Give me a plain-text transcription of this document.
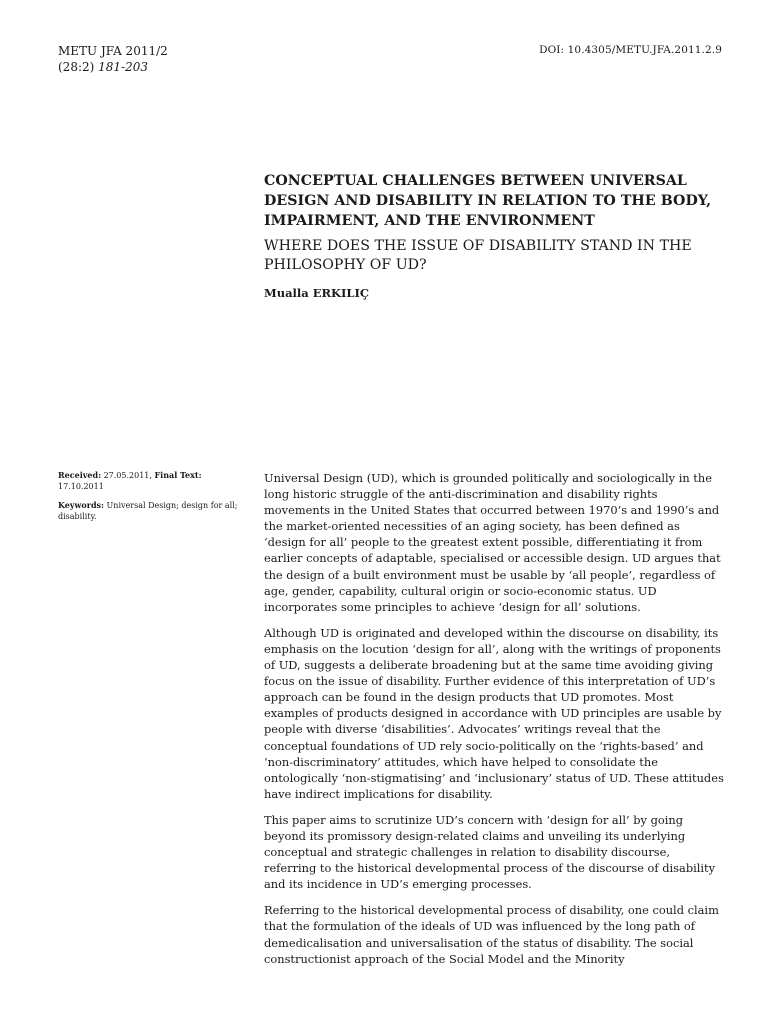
METU JFA 2011/2
(28:2) 181-203
DOI: 10.4305/METU.JFA.2011.2.9
CONCEPTUAL CHALLENGES BETWEEN UNIVERSAL DESIGN AND DISABILITY IN RELATION TO THE BODY, IMPAIRMENT, AND THE ENVIRONMENT
WHERE DOES THE ISSUE OF DISABILITY STAND IN THE PHILOSOPHY OF UD?
Mualla ERKILIÇ

Received: 27.05.2011, Final Text: 17.10.2011

Keywords: Universal Design; design for all; disability.

Universal Design (UD), which is grounded politically and sociologically in the long historic struggle of the anti-discrimination and disability rights movements in the United States that occurred between 1970’s and 1990’s and the market-oriented necessities of an aging society, has been defined as ‘design for all’ people to the greatest extent possible, differentiating it from earlier concepts of adaptable, specialised or accessible design. UD argues that the design of a built environment must be usable by ‘all people’, regardless of age, gender, capability, cultural origin or socio-economic status. UD incorporates some principles to achieve ‘design for all’ solutions.

Although UD is originated and developed within the discourse on disability, its emphasis on the locution ‘design for all’, along with the writings of proponents of UD, suggests a deliberate broadening but at the same time avoiding giving focus on the issue of disability. Further evidence of this interpretation of UD’s approach can be found in the design products that UD promotes. Most examples of products designed in accordance with UD principles are usable by people with diverse ‘disabilities’. Advocates’ writings reveal that the conceptual foundations of UD rely socio-politically on the ‘rights-based’ and ‘non-discriminatory’ attitudes, which have helped to consolidate the ontologically ‘non-stigmatising’ and ‘inclusionary’ status of UD. These attitudes have indirect implications for disability.

This paper aims to scrutinize UD’s concern with ‘design for all’ by going beyond its promissory design-related claims and unveiling its underlying conceptual and strategic challenges in relation to disability discourse, referring to the historical developmental process of the discourse of disability and its incidence in UD’s emerging processes.

Referring to the historical developmental process of disability, one could claim that the formulation of the ideals of UD was influenced by the long path of demedicalisation and universalisation of the status of disability. The social constructionist approach of the Social Model and the Minority
